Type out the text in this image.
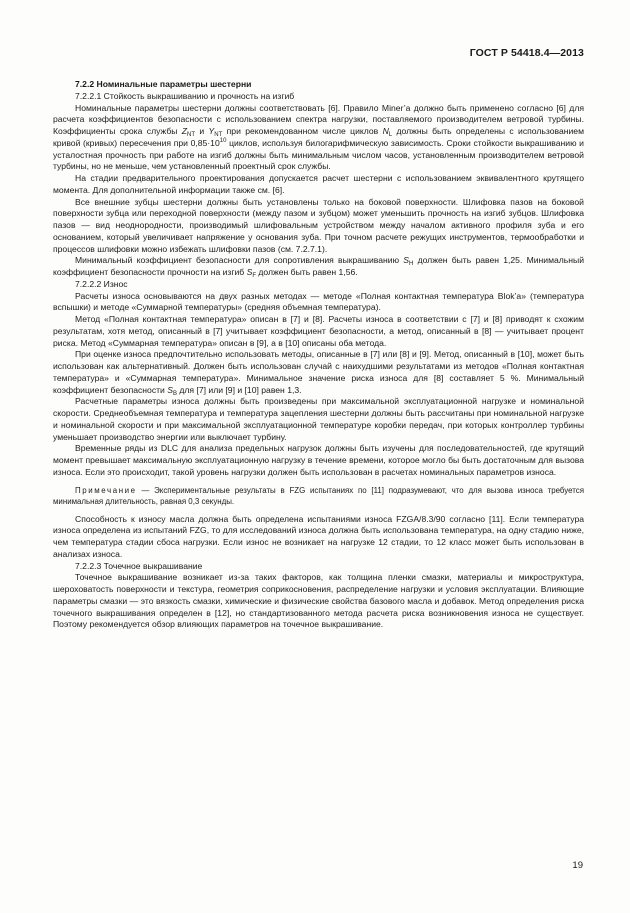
ГОСТ Р 54418.4—2013

7.2.2 Номинальные параметры шестерни

7.2.2.1 Стойкость выкрашиванию и прочность на изгиб

Номинальные параметры шестерни должны соответствовать [6]. Правило Miner’a должно быть применено согласно [6] для расчета коэффициентов безопасности с использованием спектра нагрузки, поставляемого производителем ветровой турбины. Коэффициенты срока службы $Z_{NT}$ и $Y_{NT}$ при рекомендованном числе циклов $N_L$ должны быть определены с использованием кривой (кривых) пересечения при $0,85\cdot 10^{10}$ циклов, используя билогарифмическую зависимость. Сроки стойкости выкрашиванию и усталостная прочность при работе на изгиб должны быть минимальным числом часов, установленным производителем ветровой турбины, но не меньше, чем установленный проектный срок службы.

На стадии предварительного проектирования допускается расчет шестерни с использованием эквивалентного крутящего момента. Для дополнительной информации также см. [6].

Все внешние зубцы шестерни должны быть установлены только на боковой поверхности. Шлифовка пазов на боковой поверхности зубца или переходной поверхности (между пазом и зубцом) может уменьшить прочность на изгиб зубцов. Шлифовка пазов — вид неоднородности, производимый шлифовальным устройством между началом активного профиля зуба и его основанием, который увеличивает напряжение у основания зуба. При точном расчете режущих инструментов, термообработки и процессов шлифовки можно избежать шлифовки пазов (см. 7.2.7.1).

Минимальный коэффициент безопасности для сопротивления выкрашиванию $S_H$ должен быть равен 1,25. Минимальный коэффициент безопасности прочности на изгиб $S_F$ должен быть равен 1,56.

7.2.2.2 Износ

Расчеты износа основываются на двух разных методах — методе «Полная контактная температура Blok’a» (температура вспышки) и методе «Суммарной температуры» (средняя объемная температура).

Метод «Полная контактная температура» описан в [7] и [8]. Расчеты износа в соответствии с [7] и [8] приводят к схожим результатам, хотя метод, описанный в [7] учитывает коэффициент безопасности, а метод, описанный в [8] — учитывает процент риска. Метод «Суммарная температура» описан в [9], а в [10] описаны оба метода.

При оценке износа предпочтительно использовать методы, описанные в [7] или [8] и [9]. Метод, описанный в [10], может быть использован как альтернативный. Должен быть использован случай с наихудшими результатами из методов «Полная контактная температура» и «Суммарная температура». Минимальное значение риска износа для [8] составляет 5 %. Минимальный коэффициент безопасности $S_B$ для [7] или [9] и [10] равен 1,3.

Расчетные параметры износа должны быть произведены при максимальной эксплуатационной нагрузке и номинальной скорости. Среднеобъемная температура и температура зацепления шестерни должны быть рассчитаны при номинальной нагрузке и номинальной скорости и при максимальной эксплуатационной температуре коробки передач, при которых контроллер турбины уменьшает производство энергии или выключает турбину.

Временные ряды из DLC для анализа предельных нагрузок должны быть изучены для последовательностей, где крутящий момент превышает максимальную эксплуатационную нагрузку в течение времени, которое могло бы быть достаточным для вызова износа. Если это происходит, такой уровень нагрузки должен быть использован в расчетах номинальных параметров износа.

Примечание — Экспериментальные результаты в FZG испытаниях по [11] подразумевают, что для вызова износа требуется минимальная длительность, равная 0,3 секунды.

Способность к износу масла должна быть определена испытаниями износа FZGA/8.3/90 согласно [11]. Если температура износа определена из испытаний FZG, то для исследований износа должна быть использована температура, на одну стадию ниже, чем температура стадии сбоса нагрузки. Если износ не возникает на нагрузке 12 стадии, то 12 класс может быть использован в анализах износа.

7.2.2.3 Точечное выкрашивание

Точечное выкрашивание возникает из-за таких факторов, как толщина пленки смазки, материалы и микроструктура, шероховатость поверхности и текстура, геометрия соприкосновения, распределение нагрузки и условия эксплуатации. Влияющие параметры смазки — это вязкость смазки, химические и физические свойства базового масла и добавок. Метод определения риска точечного выкрашивания определен в [12], но стандартизованного метода расчета риска возникновения износа не существует. Поэтому рекомендуется обзор влияющих параметров на точечное выкрашивание.

19
